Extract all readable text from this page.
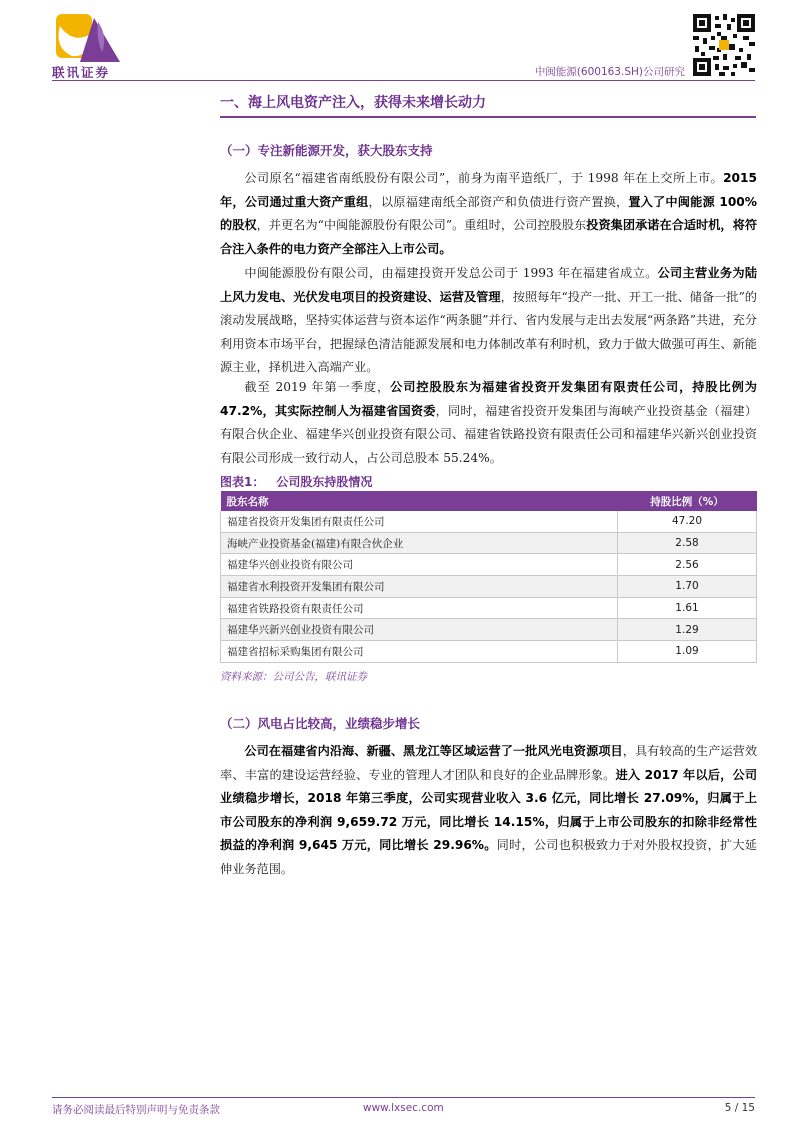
联讯证券	中闽能源(600163.SH)公司研究
一、海上风电资产注入，获得未来增长动力
（一）专注新能源开发，获大股东支持

公司原名“福建省南纸股份有限公司”，前身为南平造纸厂，于 1998 年在上交所上市。2015 年，公司通过重大资产重组，以原福建南纸全部资产和负债进行资产置换，置入了中闽能源 100%的股权，并更名为“中闽能源股份有限公司”。重组时，公司控股股东投资集团承诺在合适时机，将符合注入条件的电力资产全部注入上市公司。

中闽能源股份有限公司，由福建投资开发总公司于 1993 年在福建省成立。公司主营业务为陆上风力发电、光伏发电项目的投资建设、运营及管理，按照每年“投产一批、开工一批、储备一批”的滚动发展战略，坚持实体运营与资本运作“两条腿”并行、省内发展与走出去发展“两条路”共进，充分利用资本市场平台，把握绿色清洁能源发展和电力体制改革有利时机，致力于做大做强可再生、新能源主业，择机进入高端产业。

截至 2019 年第一季度，公司控股股东为福建省投资开发集团有限责任公司，持股比例为 47.2%，其实际控制人为福建省国资委，同时，福建省投资开发集团与海峡产业投资基金（福建）有限合伙企业、福建华兴创业投资有限公司、福建省铁路投资有限责任公司和福建华兴新兴创业投资有限公司形成一致行动人，占公司总股本 55.24%。

图表1： 公司股东持股情况
股东名称	持股比例（%）
福建省投资开发集团有限责任公司	47.20
海峡产业投资基金(福建)有限合伙企业	2.58
福建华兴创业投资有限公司	2.56
福建省水利投资开发集团有限公司	1.70
福建省铁路投资有限责任公司	1.61
福建华兴新兴创业投资有限公司	1.29
福建省招标采购集团有限公司	1.09
资料来源：公司公告，联讯证券
（二）风电占比较高，业绩稳步增长

公司在福建省内沿海、新疆、黑龙江等区域运营了一批风光电资源项目，具有较高的生产运营效率、丰富的建设运营经验、专业的管理人才团队和良好的企业品牌形象。进入 2017 年以后，公司业绩稳步增长，2018 年第三季度，公司实现营业收入 3.6 亿元，同比增长 27.09%，归属于上市公司股东的净利润 9,659.72 万元，同比增长 14.15%，归属于上市公司股东的扣除非经常性损益的净利润 9,645 万元，同比增长 29.96%。同时，公司也积极致力于对外股权投资，扩大延伸业务范围。

请务必阅读最后特别声明与免责条款	www.lxsec.com	5 / 15
